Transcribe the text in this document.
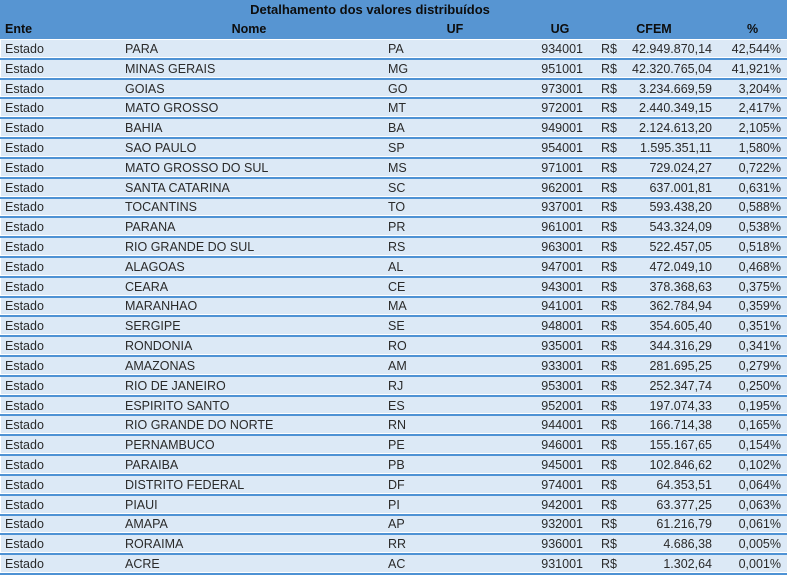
Detalhamento dos valores distribuídos
Ente	Nome	UF	UG	CFEM	%
Estado	PARA	PA	934001	R$ 42.949.870,14	42,544%
Estado	MINAS GERAIS	MG	951001	R$ 42.320.765,04	41,921%
Estado	GOIAS	GO	973001	R$ 3.234.669,59	3,204%
Estado	MATO GROSSO	MT	972001	R$ 2.440.349,15	2,417%
Estado	BAHIA	BA	949001	R$ 2.124.613,20	2,105%
Estado	SAO PAULO	SP	954001	R$ 1.595.351,11	1,580%
Estado	MATO GROSSO DO SUL	MS	971001	R$	729.024,27	0,722%
Estado	SANTA CATARINA	SC	962001	R$	637.001,81	0,631%
Estado	TOCANTINS	TO	937001	R$	593.438,20	0,588%
Estado	PARANA	PR	961001	R$	543.324,09	0,538%
Estado	RIO GRANDE DO SUL	RS	963001	R$	522.457,05	0,518%
Estado	ALAGOAS	AL	947001	R$	472.049,10	0,468%
Estado	CEARA	CE	943001	R$	378.368,63	0,375%
Estado	MARANHAO	MA	941001	R$	362.784,94	0,359%
Estado	SERGIPE	SE	948001	R$	354.605,40	0,351%
Estado	RONDONIA	RO	935001	R$	344.316,29	0,341%
Estado	AMAZONAS	AM	933001	R$	281.695,25	0,279%
Estado	RIO DE JANEIRO	RJ	953001	R$	252.347,74	0,250%
Estado	ESPIRITO SANTO	ES	952001	R$	197.074,33	0,195%
Estado	RIO GRANDE DO NORTE	RN	944001	R$	166.714,38	0,165%
Estado	PERNAMBUCO	PE	946001	R$	155.167,65	0,154%
Estado	PARAIBA	PB	945001	R$	102.846,62	0,102%
Estado	DISTRITO FEDERAL	DF	974001	R$	64.353,51	0,064%
Estado	PIAUI	PI	942001	R$	63.377,25	0,063%
Estado	AMAPA	AP	932001	R$	61.216,79	0,061%
Estado	RORAIMA	RR	936001	R$	4.686,38	0,005%
Estado	ACRE	AC	931001	R$	1.302,64	0,001%
